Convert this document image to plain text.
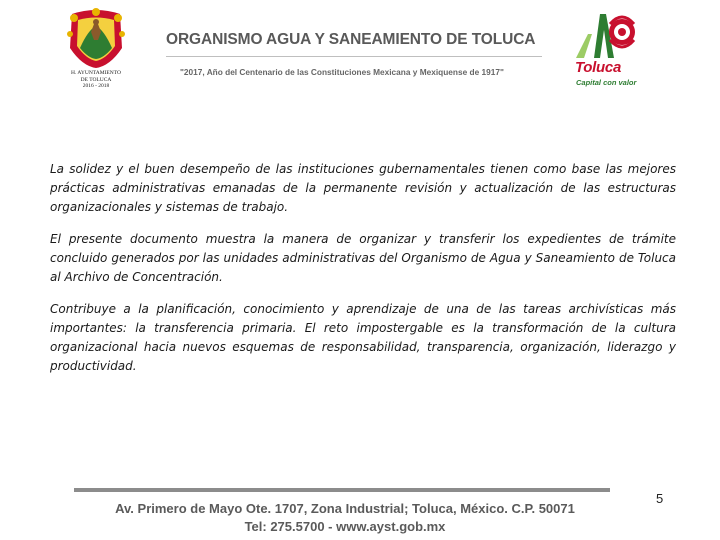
H. AYUNTAMIENTO
DE TOLUCA
2016 - 2018
ORGANISMO AGUA Y SANEAMIENTO DE TOLUCA
"2017, Año del Centenario de las Constituciones Mexicana y Mexiquense de 1917"	Toluca
Capital con valor

La solidez y el buen desempeño de las instituciones gubernamentales tienen como base las mejores prácticas administrativas emanadas de la permanente revisión y actualización de las estructuras organizacionales y sistemas de trabajo.

El presente documento muestra la manera de organizar y transferir los expedientes de trámite concluido generados por las unidades administrativas del Organismo de Agua y Saneamiento de Toluca al Archivo de Concentración.

Contribuye a la planificación, conocimiento y aprendizaje de una de las tareas archivísticas más importantes: la transferencia primaria. El reto impostergable es la transformación de la cultura organizacional hacia nuevos esquemas de responsabilidad, transparencia, organización, liderazgo y productividad.

Av. Primero de Mayo Ote. 1707, Zona Industrial; Toluca, México. C.P. 50071
Tel: 275.5700 - www.ayst.gob.mx
5
